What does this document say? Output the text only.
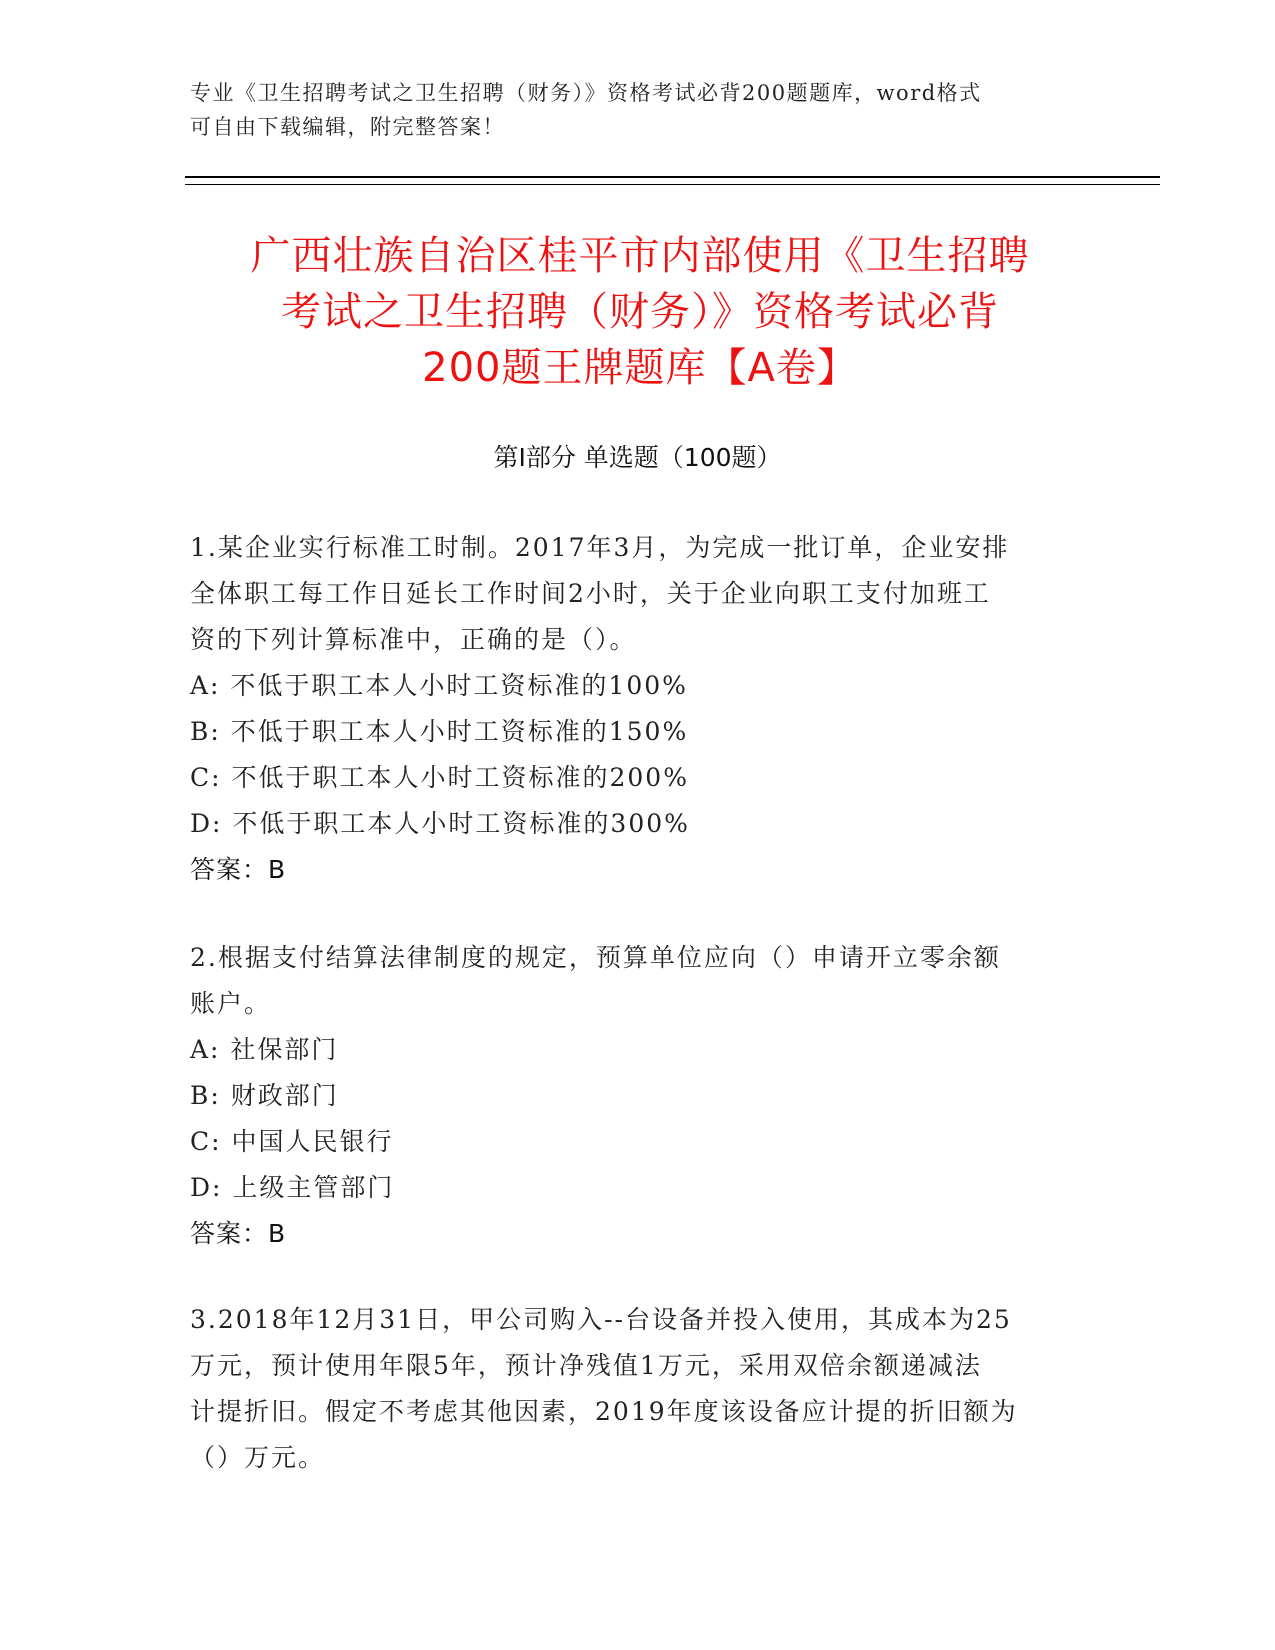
专业《卫生招聘考试之卫生招聘（财务）》资格考试必背200题题库，word格式
可自由下载编辑，附完整答案！
广西壮族自治区桂平市内部使用《卫生招聘
考试之卫生招聘（财务）》资格考试必背
200题王牌题库【A卷】
第I部分 单选题（100题）
1.某企业实行标准工时制。2017年3月，为完成一批订单，企业安排
全体职工每工作日延长工作时间2小时，关于企业向职工支付加班工
资的下列计算标准中，正确的是（）。
A: 不低于职工本人小时工资标准的100%
B: 不低于职工本人小时工资标准的150%
C: 不低于职工本人小时工资标准的200%
D: 不低于职工本人小时工资标准的300%
答案：B
2.根据支付结算法律制度的规定，预算单位应向（）申请开立零余额
账户。
A: 社保部门
B: 财政部门
C: 中国人民银行
D: 上级主管部门
答案：B
3.2018年12月31日，甲公司购入--台设备并投入使用，其成本为25
万元，预计使用年限5年，预计净残值1万元，采用双倍余额递减法
计提折旧。假定不考虑其他因素，2019年度该设备应计提的折旧额为
（）万元。
